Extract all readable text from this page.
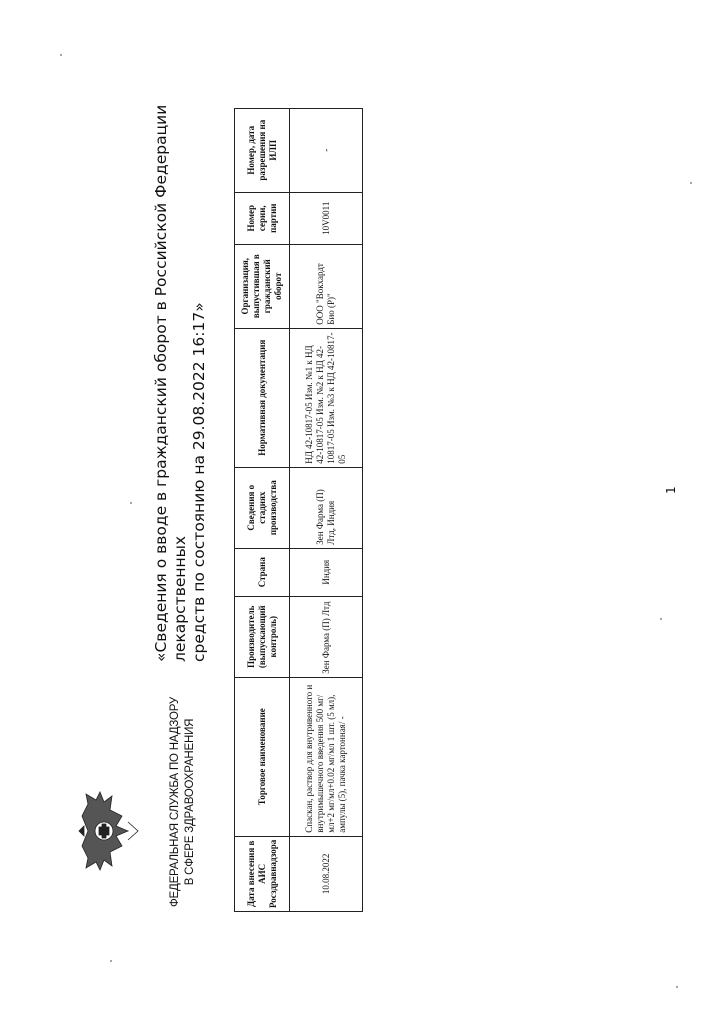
ФЕДЕРАЛЬНАЯ СЛУЖБА ПО НАДЗОРУ В СФЕРЕ ЗДРАВООХРАНЕНИЯ
«Сведения о вводе в гражданский оборот в Российской Федерации лекарственных средств по состоянию на 29.08.2022 16:17»
Дата внесения в АИС Росздравнадзора	Торговое наименование	Производитель (выпускающий контроль)	Страна	Сведения о стадиях производства	Нормативная документация	Организация, выпустившая в гражданский оборот	Номер серии, партии	Номер, дата разрешения на ИЛП
10.08.2022	Спаскан, раствор для внутривенного и внутримышечного введения 500 мг/мл+2 мг/мл+0.02 мг/мл 1 шт. (5 мл), ампулы (5), пачка картонная/ -	Зен Фарма (П) Лтд	Индия	Зен Фарма (П) Лтд, Индия	НД 42-10817-05 Изм. №1 к НД 42-10817-05 Изм. №2 к НД 42-10817-05 Изм. №3 к НД 42-10817-05	ООО "Вокхардт Био (Р)"	10V0011	-
1
